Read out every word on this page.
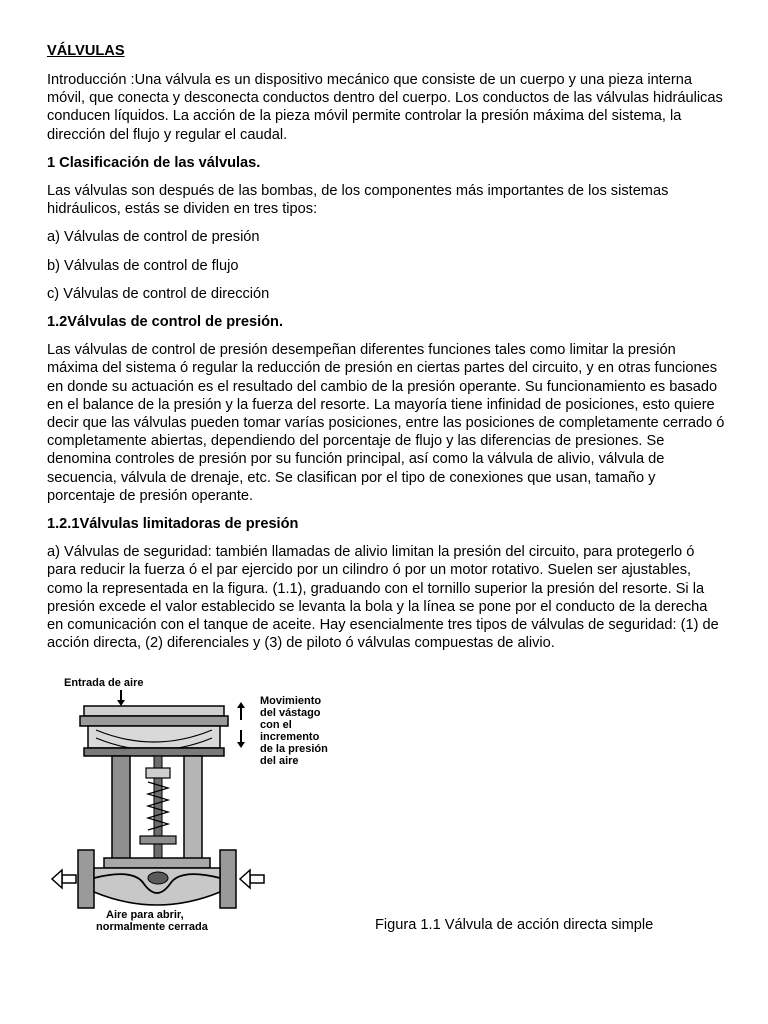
VÁLVULAS

Introducción :Una válvula es un dispositivo mecánico que consiste de un cuerpo y una pieza interna móvil, que conecta y desconecta conductos dentro del cuerpo. Los conductos de las válvulas hidráulicas conducen líquidos. La acción de la pieza móvil permite controlar la presión máxima del sistema, la dirección del flujo y regular el caudal.

1 Clasificación de las válvulas.

Las válvulas son después de las bombas, de los componentes más importantes de los sistemas hidráulicos, estás se dividen en tres tipos:

a) Válvulas de control de presión

b) Válvulas de control de flujo

c) Válvulas de control de dirección

1.2Válvulas de control de presión.

Las válvulas de control de presión desempeñan diferentes funciones tales como limitar la presión máxima del sistema ó regular la reducción de presión en ciertas partes del circuito, y en otras funciones en donde su actuación es el resultado del cambio de la presión operante. Su funcionamiento es basado en el balance de la presión y la fuerza del resorte. La mayoría tiene infinidad de posiciones, esto quiere decir que las válvulas pueden tomar varías posiciones, entre las posiciones de completamente cerrado ó completamente abiertas, dependiendo del porcentaje de flujo y las diferencias de presiones. Se denomina controles de presión por su función principal, así como la válvula de alivio, válvula de secuencia, válvula de drenaje, etc. Se clasifican por el tipo de conexiones que usan, tamaño y porcentaje de presión operante.

1.2.1Válvulas limitadoras de presión

a) Válvulas de seguridad: también llamadas de alivio limitan la presión del circuito, para protegerlo ó para reducir la fuerza ó el par ejercido por un cilindro ó por un motor rotativo. Suelen ser ajustables, como la representada en la figura. (1.1), graduando con el tornillo superior la presión del resorte. Si la presión excede el valor establecido se levanta la bola y la línea se pone por el conducto de la derecha en comunicación con el tanque de aceite. Hay esencialmente tres tipos de válvulas de seguridad: (1) de acción directa, (2) diferenciales y (3) de piloto ó válvulas compuestas de alivio.

Entrada de aire
Movimiento
del vástago
con el
incremento
de la presión
del aire
Aire para abrir,
normalmente cerrada	Figura 1.1 Válvula de acción directa simple
